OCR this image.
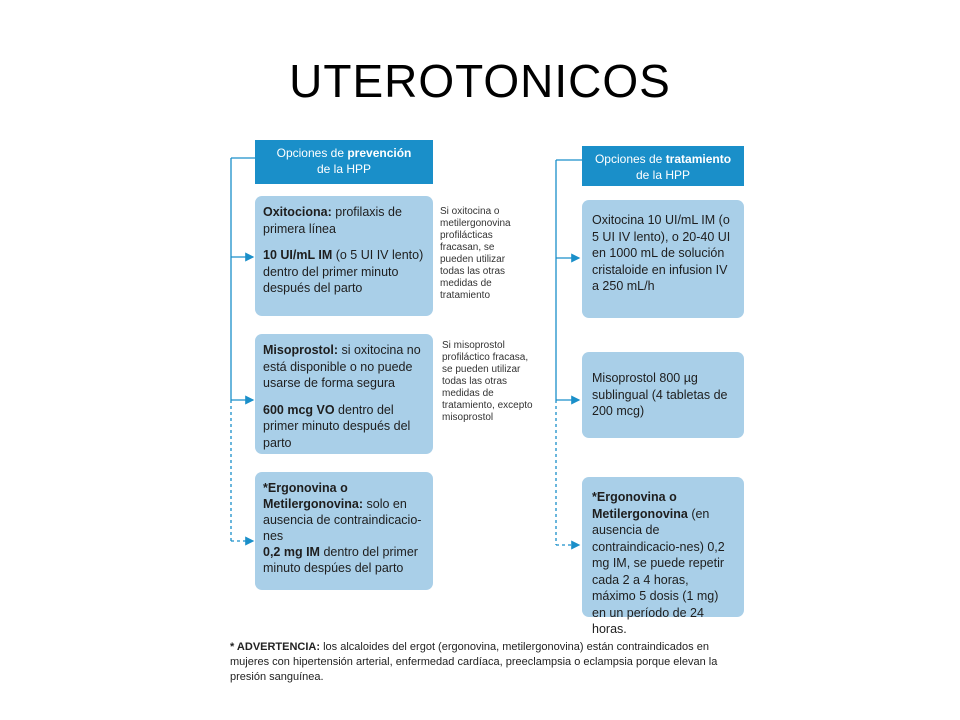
UTEROTONICOS
Opciones de prevención
de la HPP
Oxitociona: profilaxis de primera línea
10 UI/mL IM (o 5 UI IV lento) dentro del primer minuto después del parto
Misoprostol: si oxitocina no está disponible o no puede usarse de forma segura
600 mcg VO dentro del primer minuto después del parto
*Ergonovina o Metilergonovina: solo en ausencia de contraindicacio-nes
0,2 mg IM dentro del primer minuto despúes del parto
Si oxitocina o metilergonovina profilácticas fracasan, se pueden utilizar todas las otras medidas de tratamiento
Si misoprostol profiláctico fracasa, se pueden utilizar todas las otras medidas de tratamiento, excepto misoprostol
Opciones de tratamiento
de la HPP
Oxitocina 10 UI/mL IM (o 5 UI IV lento), o 20-40 UI en 1000 mL de solución cristaloide en infusion IV a 250 mL/h
Misoprostol 800 µg sublingual (4 tabletas de 200 mcg)
*Ergonovina o Metilergonovina (en ausencia de contraindicacio-nes) 0,2 mg IM, se puede repetir cada 2 a 4 horas, máximo 5 dosis (1 mg) en un período de 24 horas.
* ADVERTENCIA: los alcaloides del ergot (ergonovina, metilergonovina) están contraindicados en mujeres con hipertensión arterial, enfermedad cardíaca, preeclampsia o eclampsia porque elevan la presión sanguínea.
